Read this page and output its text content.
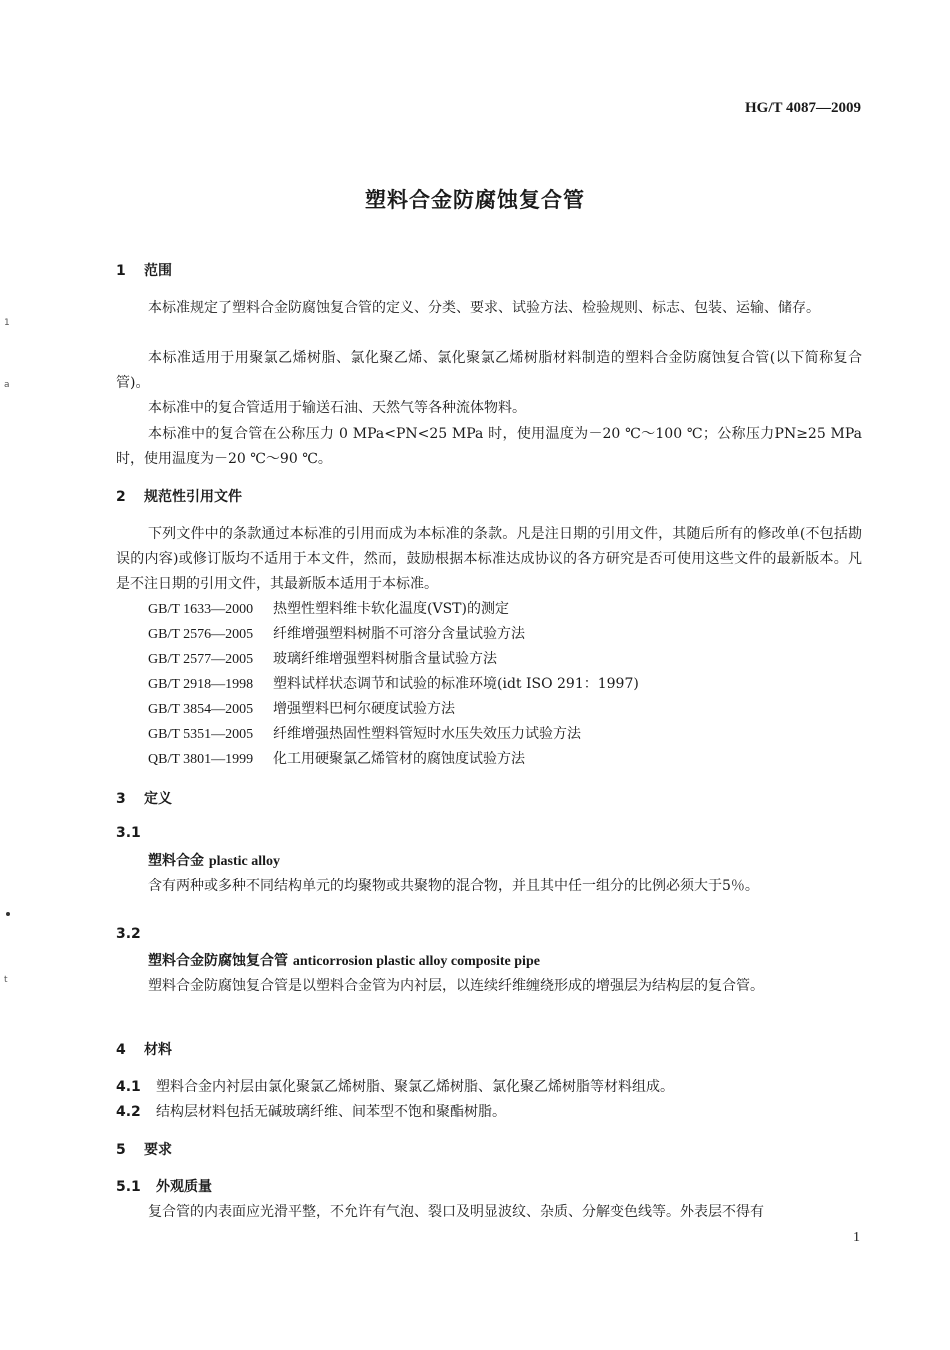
HG/T 4087—2009
塑料合金防腐蚀复合管
1
a
t
1 范围
本标准规定了塑料合金防腐蚀复合管的定义、分类、要求、试验方法、检验规则、标志、包装、运输、储存。
本标准适用于用聚氯乙烯树脂、氯化聚乙烯、氯化聚氯乙烯树脂材料制造的塑料合金防腐蚀复合管(以下简称复合管)。
本标准中的复合管适用于输送石油、天然气等各种流体物料。
本标准中的复合管在公称压力 0 MPa<PN<25 MPa 时，使用温度为－20 ℃～100 ℃；公称压力PN≥25 MPa 时，使用温度为－20 ℃～90 ℃。
2 规范性引用文件
下列文件中的条款通过本标准的引用而成为本标准的条款。凡是注日期的引用文件，其随后所有的修改单(不包括勘误的内容)或修订版均不适用于本文件，然而，鼓励根据本标准达成协议的各方研究是否可使用这些文件的最新版本。凡是不注日期的引用文件，其最新版本适用于本标准。
GB/T 1633—2000 热塑性塑料维卡软化温度(VST)的测定
GB/T 2576—2005 纤维增强塑料树脂不可溶分含量试验方法
GB/T 2577—2005 玻璃纤维增强塑料树脂含量试验方法
GB/T 2918—1998 塑料试样状态调节和试验的标准环境(idt ISO 291：1997)
GB/T 3854—2005 增强塑料巴柯尔硬度试验方法
GB/T 5351—2005 纤维增强热固性塑料管短时水压失效压力试验方法
QB/T 3801—1999 化工用硬聚氯乙烯管材的腐蚀度试验方法
3 定义
3.1
塑料合金 plastic alloy
含有两种或多种不同结构单元的均聚物或共聚物的混合物，并且其中任一组分的比例必须大于5％。
3.2
塑料合金防腐蚀复合管 anticorrosion plastic alloy composite pipe
塑料合金防腐蚀复合管是以塑料合金管为内衬层，以连续纤维缠绕形成的增强层为结构层的复合管。
4 材料
4.1 塑料合金内衬层由氯化聚氯乙烯树脂、聚氯乙烯树脂、氯化聚乙烯树脂等材料组成。
4.2 结构层材料包括无碱玻璃纤维、间苯型不饱和聚酯树脂。
5 要求
5.1 外观质量
复合管的内表面应光滑平整，不允许有气泡、裂口及明显波纹、杂质、分解变色线等。外表层不得有
1
